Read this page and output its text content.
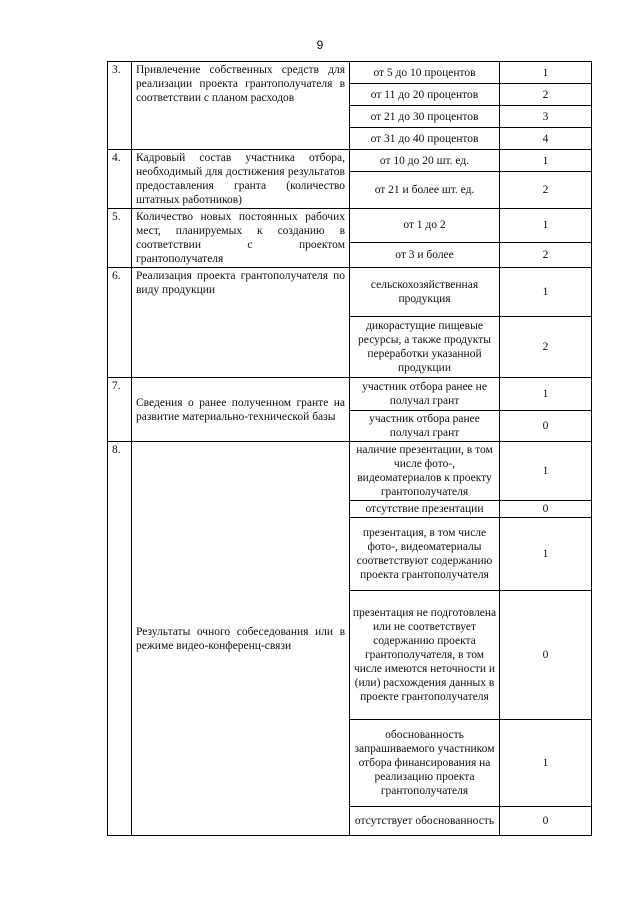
9
3.	Привлечение собственных средств для реализации проекта грантополучателя в соответствии с планом расходов	от 5 до 10 процентов	1
		от 11 до 20 процентов	2
		от 21 до 30 процентов	3
		от 31 до 40 процентов	4
4.	Кадровый состав участника отбора, необходимый для достижения результатов предоставления гранта (количество штатных работников)	от 10 до 20 шт. ед.	1
		от 21 и более шт. ед.	2
5.	Количество новых постоянных рабочих мест, планируемых к созданию в соответствии с проектом грантополучателя	от 1 до 2	1
		от 3 и более	2
6.	Реализация проекта грантополучателя по виду продукции	сельскохозяйственная продукция	1
		дикорастущие пищевые ресурсы, а также продукты переработки указанной продукции	2
7.	Сведения о ранее полученном гранте на развитие материально-технической базы	участник отбора ранее не получал грант	1
		участник отбора ранее получал грант	0
8.	Результаты очного собеседования или в режиме видео-конференц-связи	наличие презентации, в том числе фото-, видеоматериалов к проекту грантополучателя	1
		отсутствие презентации	0
		презентация, в том числе фото-, видеоматериалы соответствуют содержанию проекта грантополучателя	1
		презентация не подготовлена или не соответствует содержанию проекта грантополучателя, в том числе имеются неточности и (или) расхождения данных в проекте грантополучателя	0
		обоснованность запрашиваемого участником отбора финансирования на реализацию проекта грантополучателя	1
		отсутствует обоснованность	0
